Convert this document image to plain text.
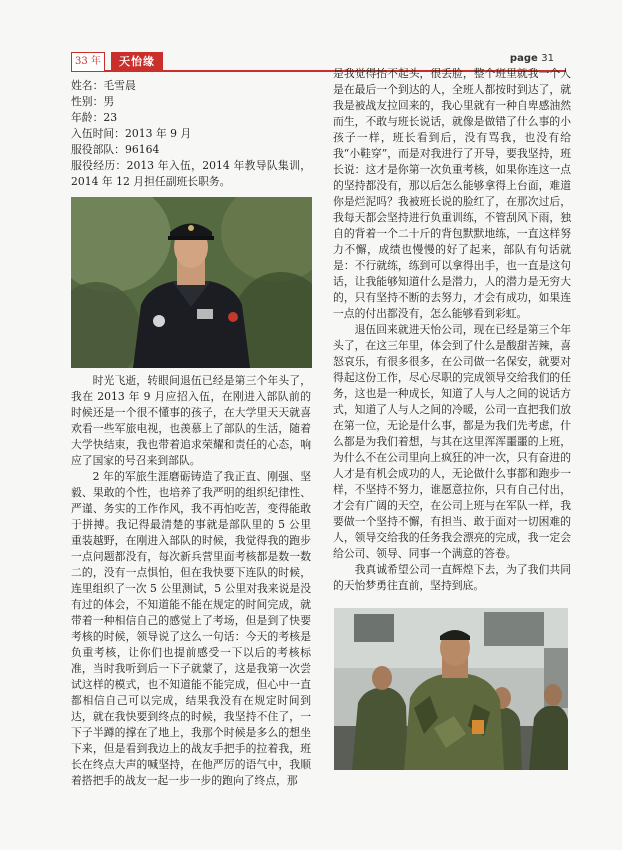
33 年	天怡缘	page 31
姓名：毛雪晨
性别：男
年龄：23
入伍时间：2013 年 9 月
服役部队：96164
服役经历：2013 年入伍，2014 年教导队集训，2014 年 12 月担任副班长职务。

时光飞逝，转眼间退伍已经是第三个年头了，我在 2013 年 9 月应招入伍，在刚进入部队前的时候还是一个很不懂事的孩子，在大学里天天就喜欢看一些军旅电视，也羡慕上了部队的生活，随着大学快结束，我也带着追求荣耀和责任的心态，响应了国家的号召来到部队。

2 年的军旅生涯磨砺铸造了我正直、刚强、坚毅、果敢的个性，也培养了我严明的组织纪律性、严谨、务实的工作作风，我不再怕吃苦，变得能敢于拼搏。我记得最清楚的事就是部队里的 5 公里重装越野，在刚进入部队的时候，我觉得我的跑步一点问题都没有，每次新兵营里面考核都是数一数二的，没有一点惧怕，但在我快要下连队的时候，连里组织了一次 5 公里测试，5 公里对我来说是没有过的体会，不知道能不能在规定的时间完成，就带着一种相信自己的感觉上了考场，但是到了快要考核的时候，领导说了这么一句话：今天的考核是负重考核，让你们也提前感受一下以后的考核标准，当时我听到后一下子就蒙了，这是我第一次尝试这样的模式，也不知道能不能完成，但心中一直都相信自己可以完成，结果我没有在规定时间到达，就在我快要到终点的时候，我坚持不住了，一下子半蹲的撑在了地上，我那个时候是多么的想坐下来，但是看到我边上的战友手把手的拉着我，班长在终点大声的喊坚持，在他严厉的语气中，我顺着搭把手的战友一起一步一步的跑向了终点，那

是我觉得抬不起头，很丢脸，整个班里就我一个人是在最后一个到达的人，全班人都按时到达了，就我是被战友拉回来的，我心里就有一种自卑感油然而生，不敢与班长说话，就像是做错了什么事的小孩子一样，班长看到后，没有骂我，也没有给我“小鞋穿”，而是对我进行了开导，要我坚持，班长说：这才是你第一次负重考核，如果你连这一点的坚持都没有，那以后怎么能够拿得上台面，难道你是烂泥吗？我被班长说的脸红了，在那次过后，我每天都会坚持进行负重训练，不管刮风下雨，独自的背着一个二十斤的背包默默地练，一直这样努力不懈，成绩也慢慢的好了起来，部队有句话就是：不行就练，练到可以拿得出手，也一直是这句话，让我能够知道什么是潜力，人的潜力是无穷大的，只有坚持不断的去努力，才会有成功，如果连一点的付出都没有，怎么能够看到彩虹。

退伍回来就进天怡公司，现在已经是第三个年头了，在这三年里，体会到了什么是酸甜苦辣，喜怒哀乐，有很多很多，在公司做一名保安，就要对得起这份工作，尽心尽职的完成领导交给我们的任务，这也是一种成长，知道了人与人之间的说话方式，知道了人与人之间的冷暖，公司一直把我们放在第一位，无论是什么事，都是为我们先考虑，什么都是为我们着想，与其在这里浑浑噩噩的上班，为什么不在公司里向上疯狂的冲一次，只有奋进的人才是有机会成功的人，无论做什么事都和跑步一样，不坚持不努力，谁愿意拉你，只有自己付出，才会有广阔的天空，在公司上班与在军队一样，我要做一个坚持不懈，有担当、敢于面对一切困难的人，领导交给我的任务我会漂亮的完成，我一定会给公司、领导、同事一个满意的答卷。

我真诚希望公司一直辉煌下去，为了我们共同的天怡梦勇往直前，坚持到底。
